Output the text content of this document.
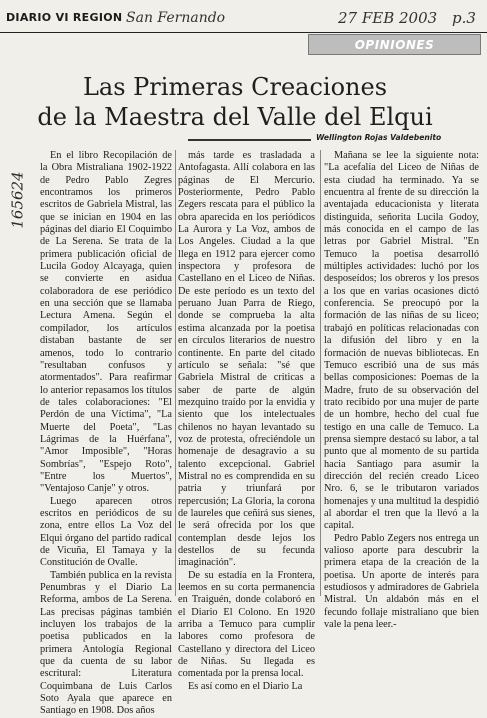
DIARIO VI REGION San Fernando	27 FEB 2003 p.3
OPINIONES
165624
Las Primeras Creaciones
de la Maestra del Valle del Elqui
Wellington Rojas Valdebenito

En el libro Recopilación de la Obra Mistraliana 1902-1922 de Pedro Pablo Zegres encontramos los primeros escritos de Gabriela Mistral, las que se inician en 1904 en las páginas del diario El Coquimbo de La Serena. Se trata de la primera publicación oficial de Lucila Godoy Alcayaga, quien se convierte en asidua colaboradora de ese periódico en una sección que se llamaba Lectura Amena. Según el compilador, los artículos distaban bastante de ser amenos, todo lo contrario "resultaban confusos y atormentados". Para reafirmar lo anterior repasamos los títulos de tales colaboraciones: "El Perdón de una Víctima", "La Muerte del Poeta", "Las Lágrimas de la Huérfana", "Amor Imposible", "Horas Sombrías", "Espejo Roto", "Entre los Muertos", "Ventajoso Canje" y otros.

Luego aparecen otros escritos en periódicos de su zona, entre ellos La Voz del Elqui órgano del partido radical de Vicuña, El Tamaya y la Constitución de Ovalle.

También publica en la revista Penumbras y el Diario La Reforma, ambos de La Serena. Las precisas páginas también incluyen los trabajos de la poetisa publicados en la primera Antología Regional que da cuenta de su labor escritural: Literatura Coquimbana de Luis Carlos Soto Ayala que aparece en Santiago en 1908. Dos años

más tarde es trasladada a Antofagasta. Allí colabora en las páginas de El Mercurio. Posteriormente, Pedro Pablo Zegers rescata para el público la obra aparecida en los periódicos La Aurora y La Voz, ambos de Los Angeles. Ciudad a la que llega en 1912 para ejercer como inspectora y profesora de Castellano en el Liceo de Niñas. De este período es un texto del peruano Juan Parra de Riego, donde se comprueba la alta estima alcanzada por la poetisa en círculos literarios de nuestro continente. En parte del citado artículo se señala: "sé que Gabriela Mistral de criticas a saber de parte de algún mezquino traído por la envidia y siento que los intelectuales chilenos no hayan levantado su voz de protesta, ofreciéndole un homenaje de desagravio a su talento excepcional. Gabriel Mistral no es comprendida en su patria y triunfará por repercusión; La Gloria, la corona de laureles que ceñirá sus sienes, le será ofrecida por los que contemplan desde lejos los destellos de su fecunda imaginación".

De su estadía en la Frontera, leemos en su corta permanencia en Traiguén, donde colaboró en el Diario El Colono. En 1920 arriba a Temuco para cumplir labores como profesora de Castellano y directora del Liceo de Niñas. Su llegada es comentada por la prensa local.

Es así como en el Diario La

Mañana se lee la siguiente nota: "La acefalía del Liceo de Niñas de esta ciudad ha terminado. Ya se encuentra al frente de su dirección la aventajada educacionista y literata distinguida, señorita Lucila Godoy, más conocida en el campo de las letras por Gabriel Mistral. "En Temuco la poetisa desarrolló múltiples actividades: luchó por los desposeídos; los obreros y los presos a los que en varias ocasiones dictó conferencia. Se preocupó por la formación de las niñas de su liceo; trabajó en políticas relacionadas con la difusión del libro y en la formación de nuevas bibliotecas. En Temuco escribió una de sus más bellas composiciones: Poemas de la Madre, fruto de su observación del trato recibido por una mujer de parte de un hombre, hecho del cual fue testigo en una calle de Temuco. La prensa siempre destacó su labor, a tal punto que al momento de su partida hacia Santiago para asumir la dirección del recién creado Liceo Nro. 6, se le tributaron variados homenajes y una multitud la despidió al abordar el tren que la llevó a la capital.

Pedro Pablo Zegers nos entrega un valioso aporte para descubrir la primera etapa de la creación de la poetisa. Un aporte de interés para estudiosos y admiradores de Gabriela Mistral. Un aldabón más en el fecundo follaje mistraliano que bien vale la pena leer.-
